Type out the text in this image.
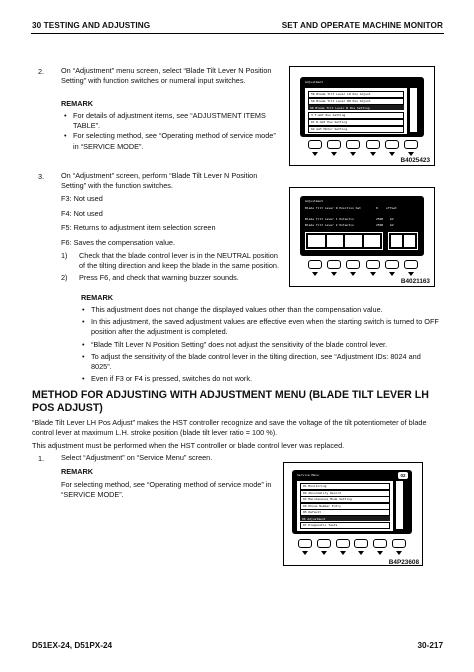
30 TESTING AND ADJUSTING	SET AND OPERATE MACHINE MONITOR
2. On “Adjustment” menu screen, select “Blade Tilt Lever N Position Setting” with function switches or numeral input switches.
REMARK
• For details of adjustment items, see “ADJUSTMENT ITEMS TABLE”.
• For selecting method, see “Operating method of service mode” in “SERVICE MODE”.
Adjustment
56 Blade Tilt Lever LH Pos Adjust
59 Blade Tilt Lever RH Pos Adjust
60 Blade Tilt Lever N Pos Setting
3 F-GAT Pos Setting
67 R-GAT Pos Setting
64 GAT Motor Setting
B4025423
3. On “Adjustment” screen, perform “Blade Tilt Lever N Position Setting” with the function switches.
F3: Not used
F4: Not used
F5: Returns to adjustment item selection screen
F6: Saves the compensation value.
1) Check that the blade control lever is in the NEUTRAL position of the tilting direction and keep the blade in the same position.
2) Press F6, and check that warning buzzer sounds.
Adjustment
Blade Tilt Lever N Position Set	0	offset
Blade Tilt Lever 1 Potentio	2500 mV
Blade Tilt Lever 2 Potentio	2500 mV
B4021163
REMARK
• This adjustment does not change the displayed values other than the compensation value.
• In this adjustment, the saved adjustment values are effective even when the starting switch is turned to OFF position after the adjustment is completed.
• “Blade Tilt Lever N Position Setting” does not adjust the sensitivity of the blade control lever.
• To adjust the sensitivity of the blade control lever in the tilting direction, see “Adjustment IDs: 8024 and 8025”.
• Even if F3 or F4 is pressed, switches do not work.
METHOD FOR ADJUSTING WITH ADJUSTMENT MENU (BLADE TILT LEVER LH POS ADJUST)
“Blade Tilt Lever LH Pos Adjust” makes the HST controller recognize and save the voltage of the tilt potentiometer of blade control lever at maximum L.H. stroke position (blade tilt lever ratio = 100 %).
This adjustment must be performed when the HST controller or blade control lever was replaced.
1. Select “Adjustment” on “Service Menu” screen.
REMARK
For selecting method, see “Operating method of service mode” in “SERVICE MODE”.
Service Menu	02
01 Monitoring
02 Abnormality Record
03 Maintenance Mode Setting
04 Phone Number Entry
05 Default
06 Adjustment
07 Diagnostic Tests
B4P23608
D51EX-24, D51PX-24	30-217
